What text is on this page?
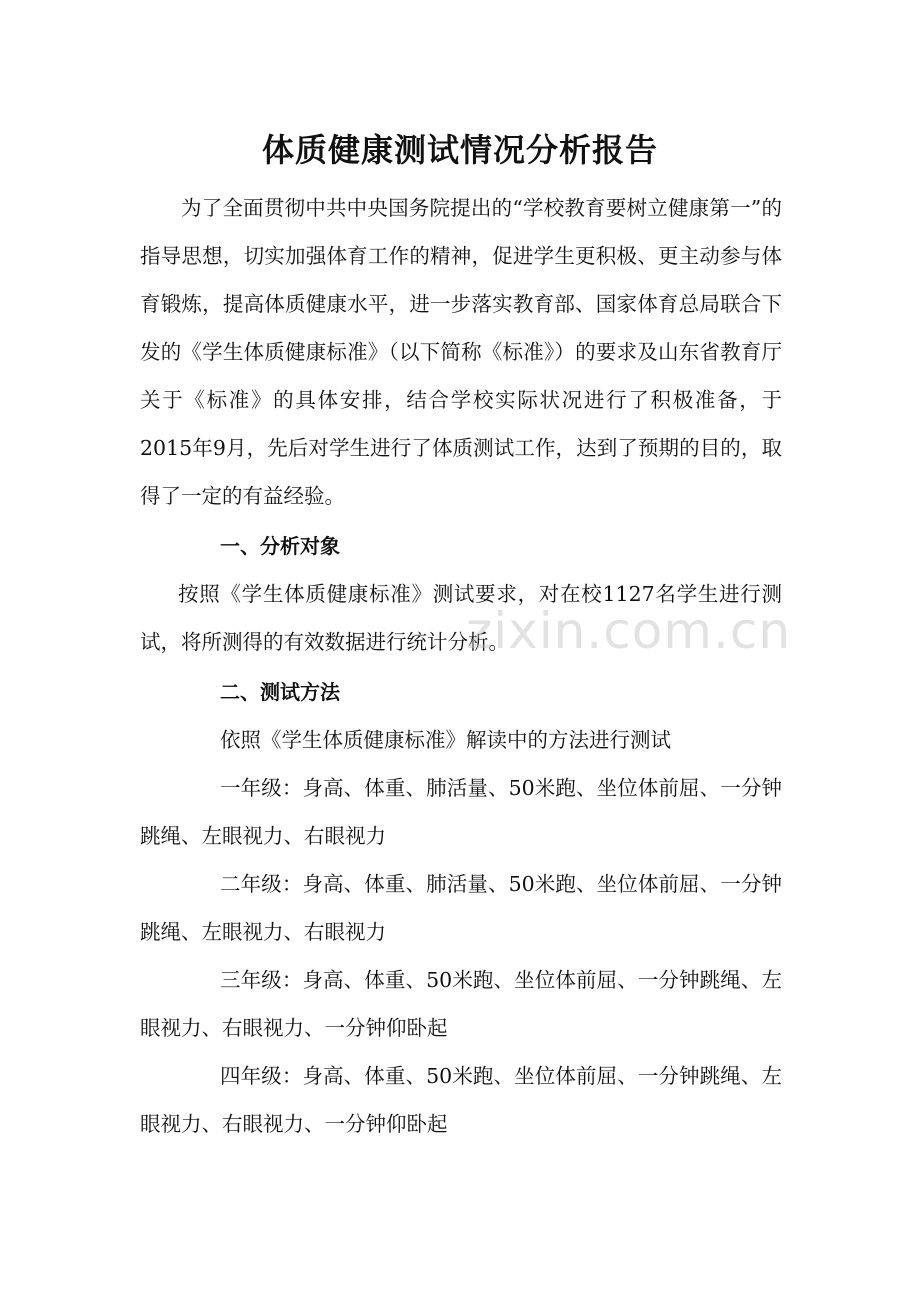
体质健康测试情况分析报告

为了全面贯彻中共中央国务院提出的“学校教育要树立健康第一”的指导思想，切实加强体育工作的精神，促进学生更积极、更主动参与体育锻炼，提高体质健康水平，进一步落实教育部、国家体育总局联合下发的《学生体质健康标准》（以下简称《标准》）的要求及山东省教育厅关于《标准》的具体安排，结合学校实际状况进行了积极准备，于2015年9月，先后对学生进行了体质测试工作，达到了预期的目的，取得了一定的有益经验。

一、分析对象

按照《学生体质健康标准》测试要求，对在校1127名学生进行测试，将所测得的有效数据进行统计分析。

二、测试方法

依照《学生体质健康标准》解读中的方法进行测试

一年级：身高、体重、肺活量、50米跑、坐位体前屈、一分钟跳绳、左眼视力、右眼视力

二年级：身高、体重、肺活量、50米跑、坐位体前屈、一分钟跳绳、左眼视力、右眼视力

三年级：身高、体重、50米跑、坐位体前屈、一分钟跳绳、左眼视力、右眼视力、一分钟仰卧起

四年级：身高、体重、50米跑、坐位体前屈、一分钟跳绳、左眼视力、右眼视力、一分钟仰卧起

zixin.com.cn
